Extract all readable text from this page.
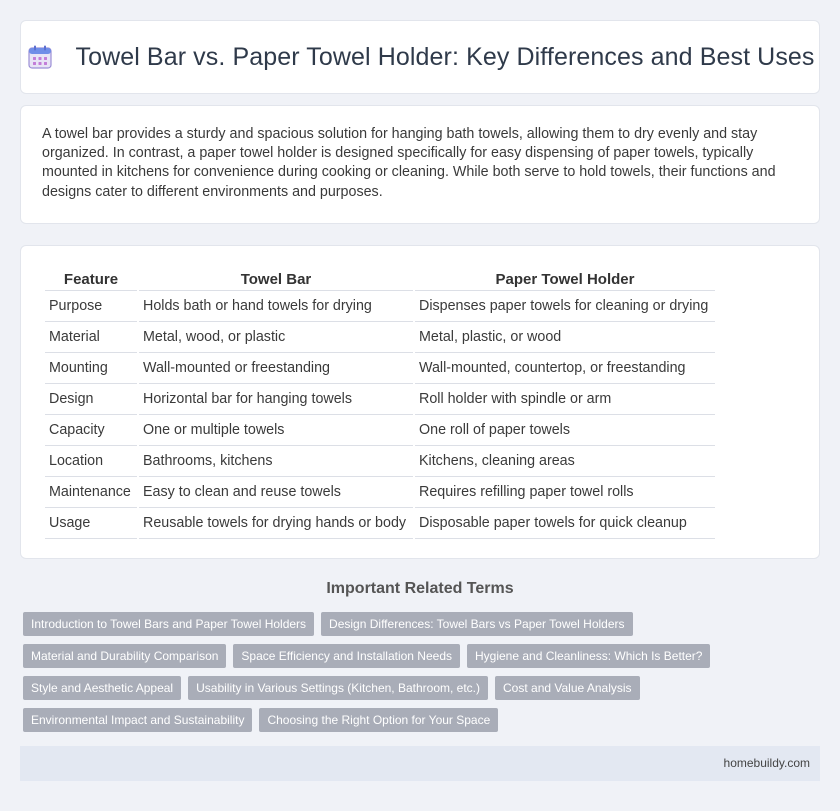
Towel Bar vs. Paper Towel Holder: Key Differences and Best Uses

A towel bar provides a sturdy and spacious solution for hanging bath towels, allowing them to dry evenly and stay organized. In contrast, a paper towel holder is designed specifically for easy dispensing of paper towels, typically mounted in kitchens for convenience during cooking or cleaning. While both serve to hold towels, their functions and designs cater to different environments and purposes.

Feature	Towel Bar	Paper Towel Holder
Purpose	Holds bath or hand towels for drying	Dispenses paper towels for cleaning or drying
Material	Metal, wood, or plastic	Metal, plastic, or wood
Mounting	Wall-mounted or freestanding	Wall-mounted, countertop, or freestanding
Design	Horizontal bar for hanging towels	Roll holder with spindle or arm
Capacity	One or multiple towels	One roll of paper towels
Location	Bathrooms, kitchens	Kitchens, cleaning areas
Maintenance	Easy to clean and reuse towels	Requires refilling paper towel rolls
Usage	Reusable towels for drying hands or body	Disposable paper towels for quick cleanup
Important Related Terms
Introduction to Towel Bars and Paper Towel Holders	Design Differences: Towel Bars vs Paper Towel Holders
Material and Durability Comparison	Space Efficiency and Installation Needs	Hygiene and Cleanliness: Which Is Better?
Style and Aesthetic Appeal	Usability in Various Settings (Kitchen, Bathroom, etc.)	Cost and Value Analysis
Environmental Impact and Sustainability	Choosing the Right Option for Your Space
homebuildy.com
